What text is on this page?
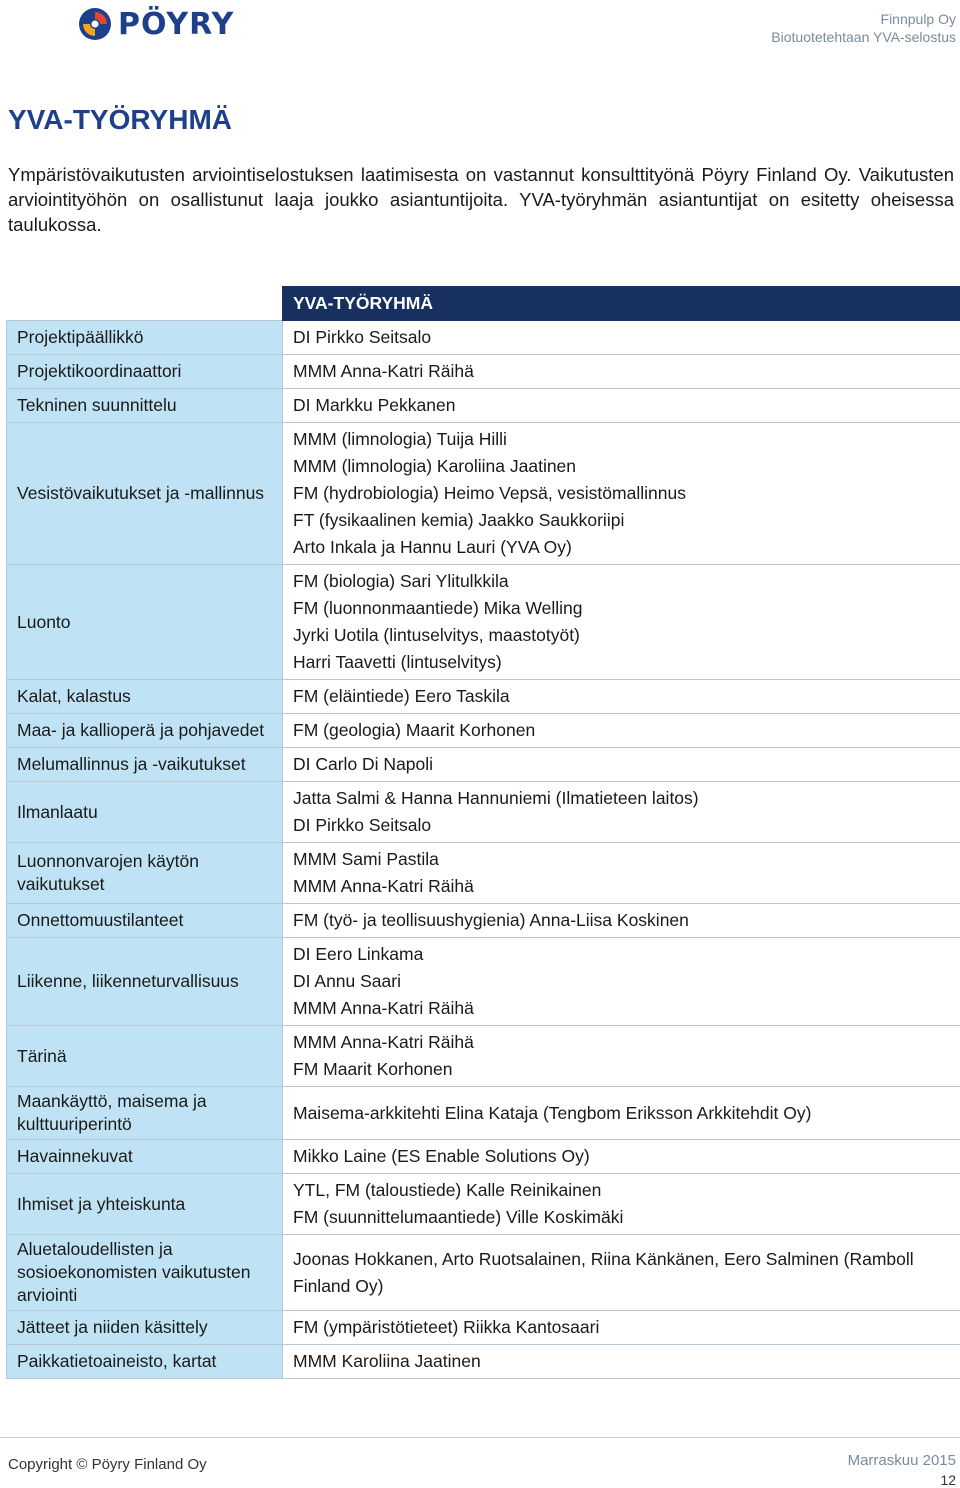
PÖYRY	Finnpulp Oy
Biotuotetehtaan YVA-selostus
YVA-TYÖRYHMÄ

Ympäristövaikutusten arviointiselostuksen laatimisesta on vastannut konsulttityönä Pöyry Finland Oy. Vaikutusten arviointityöhön on osallistunut laaja joukko asiantuntijoita. YVA-työryhmän asiantuntijat on esitetty oheisessa taulukossa.

	YVA-TYÖRYHMÄ
Projektipäällikkö	DI Pirkko Seitsalo

Projektikoordinaattori	MMM Anna-Katri Räihä

Tekninen suunnittelu	DI Markku Pekkanen

Vesistövaikutukset ja -mallinnus	MMM (limnologia) Tuija Hilli
MMM (limnologia) Karoliina Jaatinen
FM (hydrobiologia) Heimo Vepsä, vesistömallinnus
FT (fysikaalinen kemia) Jaakko Saukkoriipi
Arto Inkala ja Hannu Lauri (YVA Oy)

Luonto	FM (biologia) Sari Ylitulkkila
FM (luonnonmaantiede) Mika Welling
Jyrki Uotila (lintuselvitys, maastotyöt)
Harri Taavetti (lintuselvitys)

Kalat, kalastus	FM (eläintiede) Eero Taskila

Maa- ja kallioperä ja pohjavedet	FM (geologia) Maarit Korhonen

Melumallinnus ja -vaikutukset	DI Carlo Di Napoli

Ilmanlaatu	Jatta Salmi & Hanna Hannuniemi (Ilmatieteen laitos)
DI Pirkko Seitsalo

Luonnonvarojen käytön vaikutukset	MMM Sami Pastila
MMM Anna-Katri Räihä

Onnettomuustilanteet	FM (työ- ja teollisuushygienia) Anna-Liisa Koskinen

Liikenne, liikenneturvallisuus	DI Eero Linkama
DI Annu Saari
MMM Anna-Katri Räihä

Tärinä	MMM Anna-Katri Räihä
FM Maarit Korhonen

Maankäyttö, maisema ja kulttuuriperintö	Maisema-arkkitehti Elina Kataja (Tengbom Eriksson Arkkitehdit Oy)

Havainnekuvat	Mikko Laine (ES Enable Solutions Oy)

Ihmiset ja yhteiskunta	YTL, FM (taloustiede) Kalle Reinikainen
FM (suunnittelumaantiede) Ville Koskimäki

Aluetaloudellisten ja sosioekonomisten vaikutusten arviointi	Joonas Hokkanen, Arto Ruotsalainen, Riina Känkänen, Eero Salminen (Ramboll Finland Oy)

Jätteet ja niiden käsittely	FM (ympäristötieteet) Riikka Kantosaari

Paikkatietoaineisto, kartat	MMM Karoliina Jaatinen
Copyright © Pöyry Finland Oy	Marraskuu 2015
12
